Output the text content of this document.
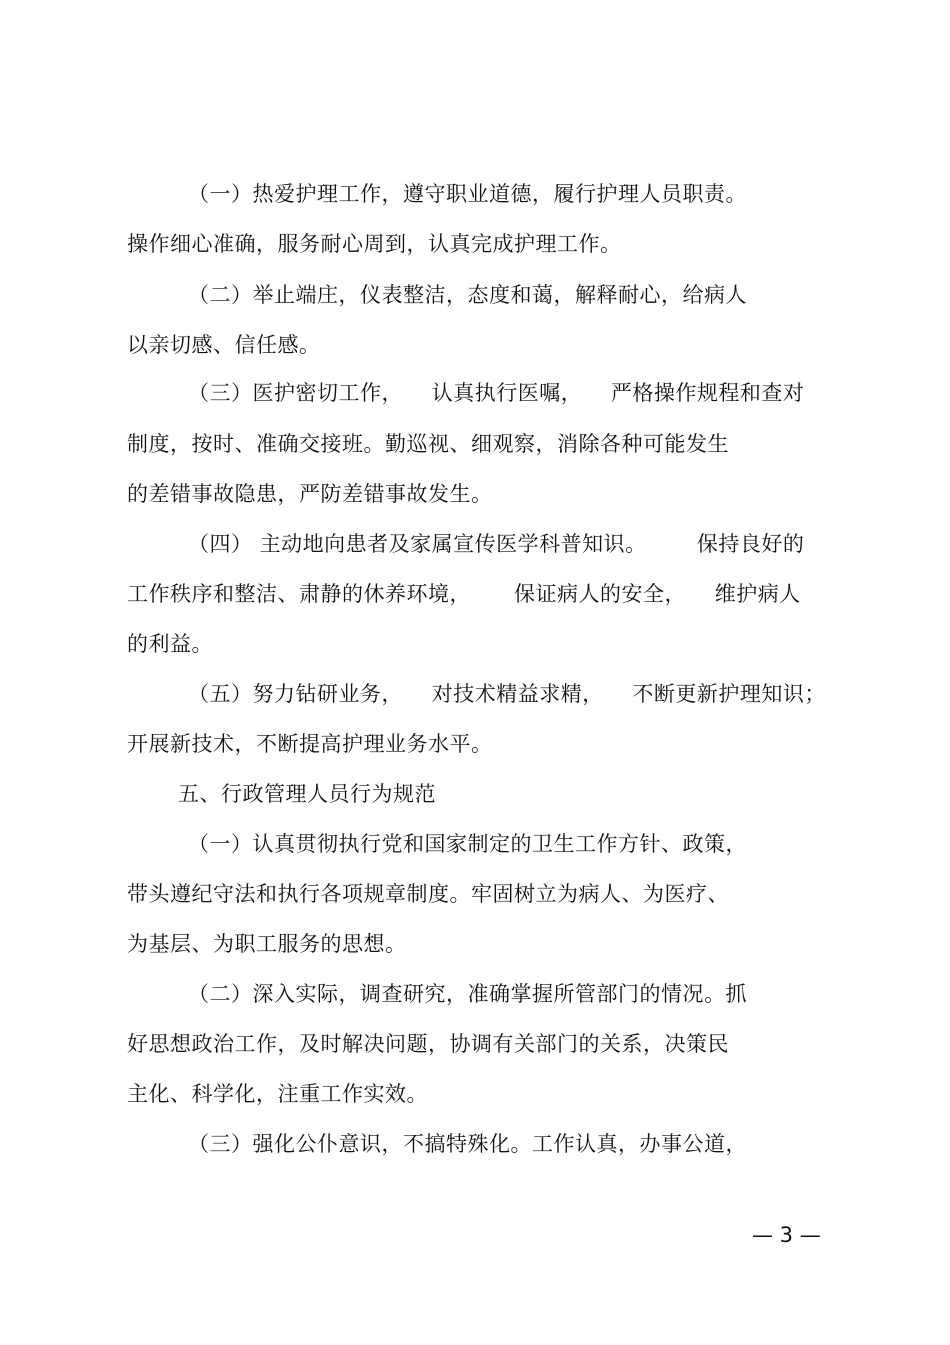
（一）热爱护理工作，遵守职业道德，履行护理人员职责。
操作细心准确，服务耐心周到，认真完成护理工作。
（二）举止端庄，仪表整洁，态度和蔼，解释耐心，给病人
以亲切感、信任感。
（三）医护密切工作，    认真执行医嘱，    严格操作规程和查对
制度，按时、准确交接班。勤巡视、细观察，消除各种可能发生
的差错事故隐患，严防差错事故发生。
（四） 主动地向患者及家属宣传医学科普知识。       保持良好的
工作秩序和整洁、肃静的休养环境，      保证病人的安全，    维护病人
的利益。
（五）努力钻研业务，    对技术精益求精，    不断更新护理知识；
开展新技术，不断提高护理业务水平。
五、行政管理人员行为规范
（一）认真贯彻执行党和国家制定的卫生工作方针、政策，
带头遵纪守法和执行各项规章制度。牢固树立为病人、为医疗、
为基层、为职工服务的思想。
（二）深入实际，调查研究，准确掌握所管部门的情况。抓
好思想政治工作，及时解决问题，协调有关部门的关系，决策民
主化、科学化，注重工作实效。
（三）强化公仆意识，不搞特殊化。工作认真，办事公道，
— 3 —
